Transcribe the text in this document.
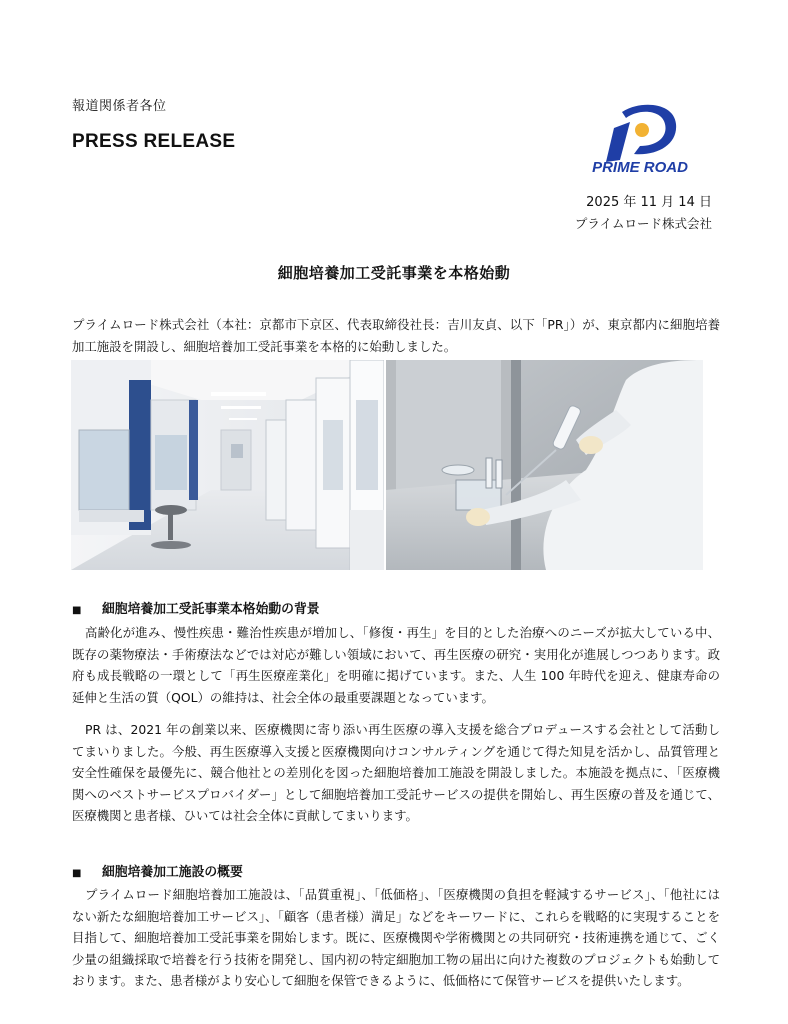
報道関係者各位
PRESS RELEASE
PRIME ROAD
2025 年 11 月 14 日
プライムロード株式会社
細胞培養加工受託事業を本格始動

プライムロード株式会社（本社：京都市下京区、代表取締役社長：吉川友貞、以下「PR」）が、東京都内に細胞培養加工施設を開設し、細胞培養加工受託事業を本格的に始動しました。

■ 細胞培養加工受託事業本格始動の背景

高齢化が進み、慢性疾患・難治性疾患が増加し、「修復・再生」を目的とした治療へのニーズが拡大している中、既存の薬物療法・手術療法などでは対応が難しい領域において、再生医療の研究・実用化が進展しつつあります。政府も成長戦略の一環として「再生医療産業化」を明確に掲げています。また、人生 100 年時代を迎え、健康寿命の延伸と生活の質（QOL）の維持は、社会全体の最重要課題となっています。

PR は、2021 年の創業以来、医療機関に寄り添い再生医療の導入支援を総合プロデュースする会社として活動してまいりました。今般、再生医療導入支援と医療機関向けコンサルティングを通じて得た知見を活かし、品質管理と安全性確保を最優先に、競合他社との差別化を図った細胞培養加工施設を開設しました。本施設を拠点に、「医療機関へのベストサービスプロバイダー」として細胞培養加工受託サービスの提供を開始し、再生医療の普及を通じて、医療機関と患者様、ひいては社会全体に貢献してまいります。

■ 細胞培養加工施設の概要

プライムロード細胞培養加工施設は、「品質重視」、「低価格」、「医療機関の負担を軽減するサービス」、「他社にはない新たな細胞培養加工サービス」、「顧客（患者様）満足」などをキーワードに、これらを戦略的に実現することを目指して、細胞培養加工受託事業を開始します。既に、医療機関や学術機関との共同研究・技術連携を通じて、ごく少量の組織採取で培養を行う技術を開発し、国内初の特定細胞加工物の届出に向けた複数のプロジェクトも始動しております。また、患者様がより安心して細胞を保管できるように、低価格にて保管サービスを提供いたします。
